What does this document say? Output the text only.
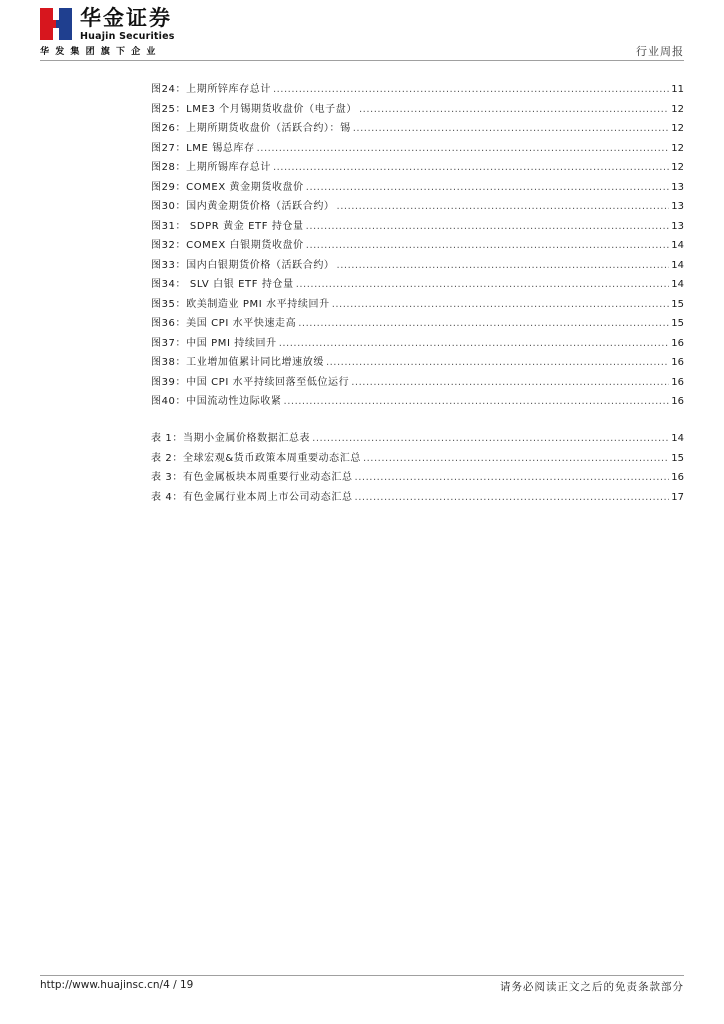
华金证券
Huajin Securities
华发集团旗下企业	行业周报
图24：上期所锌库存总计 .....	11
图25：LME3 个月锡期货收盘价（电子盘） .....	12
图26：上期所期货收盘价（活跃合约）：锡 .....	12
图27：LME 锡总库存 .....	12
图28：上期所锡库存总计 .....	12
图29：COMEX 黄金期货收盘价 .....	13
图30：国内黄金期货价格（活跃合约） .....	13
图31： SDPR 黄金 ETF 持仓量 .....	13
图32：COMEX 白银期货收盘价 .....	14
图33：国内白银期货价格（活跃合约） .....	14
图34： SLV 白银 ETF 持仓量 .....	14
图35：欧美制造业 PMI 水平持续回升 .....	15
图36：美国 CPI 水平快速走高 .....	15
图37：中国 PMI 持续回升 .....	16
图38：工业增加值累计同比增速放缓 .....	16
图39：中国 CPI 水平持续回落至低位运行 .....	16
图40：中国流动性边际收紧 .....	16
表 1：当期小金属价格数据汇总表 .....	14
表 2：全球宏观&货币政策本周重要动态汇总 .....	15
表 3：有色金属板块本周重要行业动态汇总 .....	16
表 4：有色金属行业本周上市公司动态汇总 .....	17
http://www.huajinsc.cn/4 / 19	请务必阅读正文之后的免责条款部分
